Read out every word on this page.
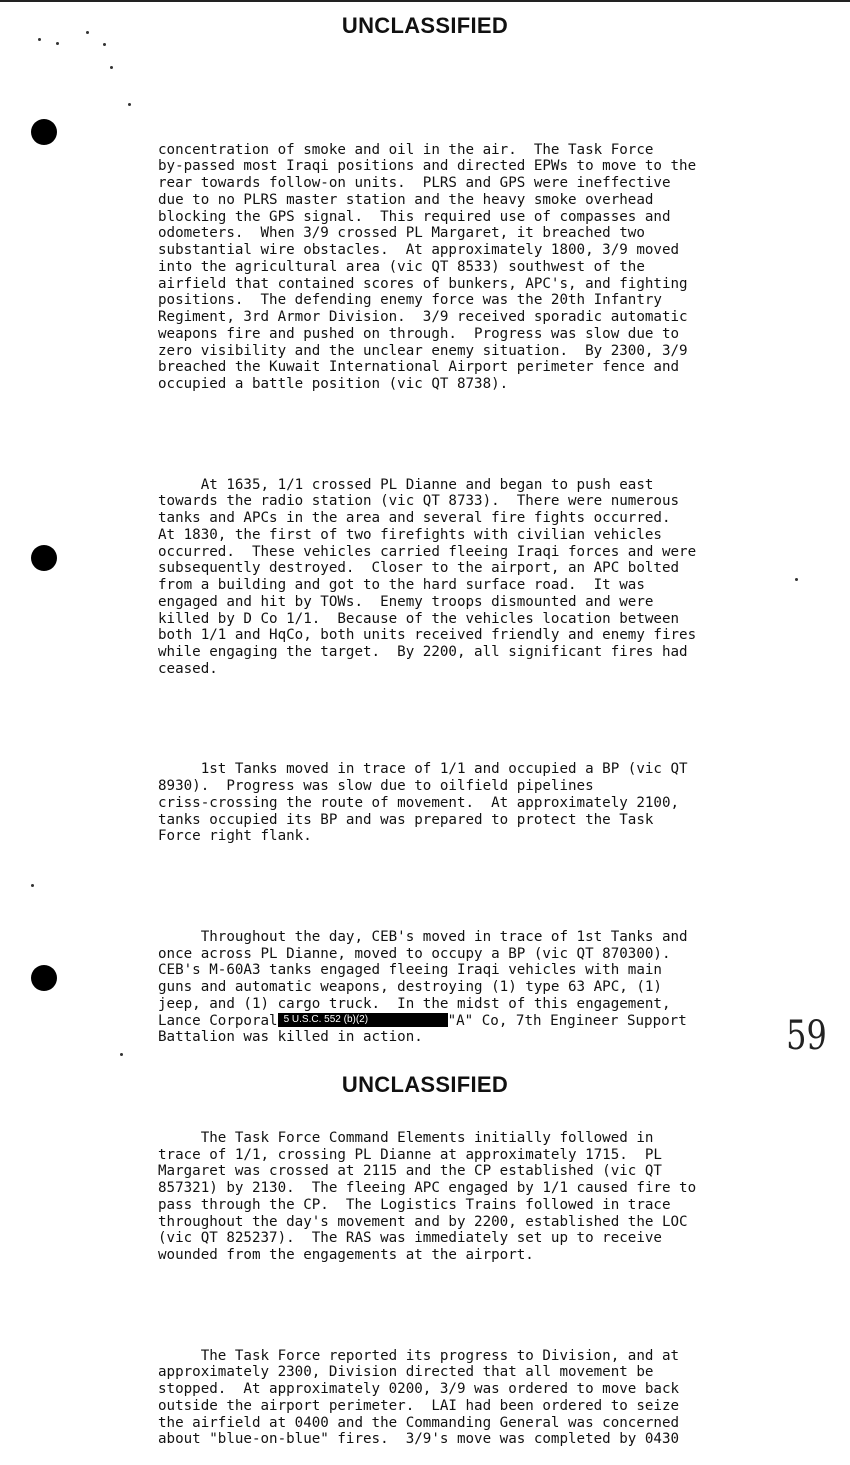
UNCLASSIFIED

concentration of smoke and oil in the air.  The Task Force
by-passed most Iraqi positions and directed EPWs to move to the
rear towards follow-on units.  PLRS and GPS were ineffective
due to no PLRS master station and the heavy smoke overhead
blocking the GPS signal.  This required use of compasses and
odometers.  When 3/9 crossed PL Margaret, it breached two
substantial wire obstacles.  At approximately 1800, 3/9 moved
into the agricultural area (vic QT 8533) southwest of the
airfield that contained scores of bunkers, APC's, and fighting
positions.  The defending enemy force was the 20th Infantry
Regiment, 3rd Armor Division.  3/9 received sporadic automatic
weapons fire and pushed on through.  Progress was slow due to
zero visibility and the unclear enemy situation.  By 2300, 3/9
breached the Kuwait International Airport perimeter fence and
occupied a battle position (vic QT 8738).

At 1635, 1/1 crossed PL Dianne and began to push east
towards the radio station (vic QT 8733).  There were numerous
tanks and APCs in the area and several fire fights occurred.
At 1830, the first of two firefights with civilian vehicles
occurred.  These vehicles carried fleeing Iraqi forces and were
subsequently destroyed.  Closer to the airport, an APC bolted
from a building and got to the hard surface road.  It was
engaged and hit by TOWs.  Enemy troops dismounted and were
killed by D Co 1/1.  Because of the vehicles location between
both 1/1 and HqCo, both units received friendly and enemy fires
while engaging the target.  By 2200, all significant fires had
ceased.

1st Tanks moved in trace of 1/1 and occupied a BP (vic QT
8930).  Progress was slow due to oilfield pipelines
criss-crossing the route of movement.  At approximately 2100,
tanks occupied its BP and was prepared to protect the Task
Force right flank.

Throughout the day, CEB's moved in trace of 1st Tanks and
once across PL Dianne, moved to occupy a BP (vic QT 870300).
CEB's M-60A3 tanks engaged fleeing Iraqi vehicles with main
guns and automatic weapons, destroying (1) type 63 APC, (1)
jeep, and (1) cargo truck.  In the midst of this engagement,
Lance Corporal 5 U.S.C. 552 (b)(2)	"A" Co, 7th Engineer Support
Battalion was killed in action.

The Task Force Command Elements initially followed in
trace of 1/1, crossing PL Dianne at approximately 1715.  PL
Margaret was crossed at 2115 and the CP established (vic QT
857321) by 2130.  The fleeing APC engaged by 1/1 caused fire to
pass through the CP.  The Logistics Trains followed in trace
throughout the day's movement and by 2200, established the LOC
(vic QT 825237).  The RAS was immediately set up to receive
wounded from the engagements at the airport.

The Task Force reported its progress to Division, and at
approximately 2300, Division directed that all movement be
stopped.  At approximately 0200, 3/9 was ordered to move back
outside the airport perimeter.  LAI had been ordered to seize
the airfield at 0400 and the Commanding General was concerned
about "blue-on-blue" fires.  3/9's move was completed by 0430

59
UNCLASSIFIED
